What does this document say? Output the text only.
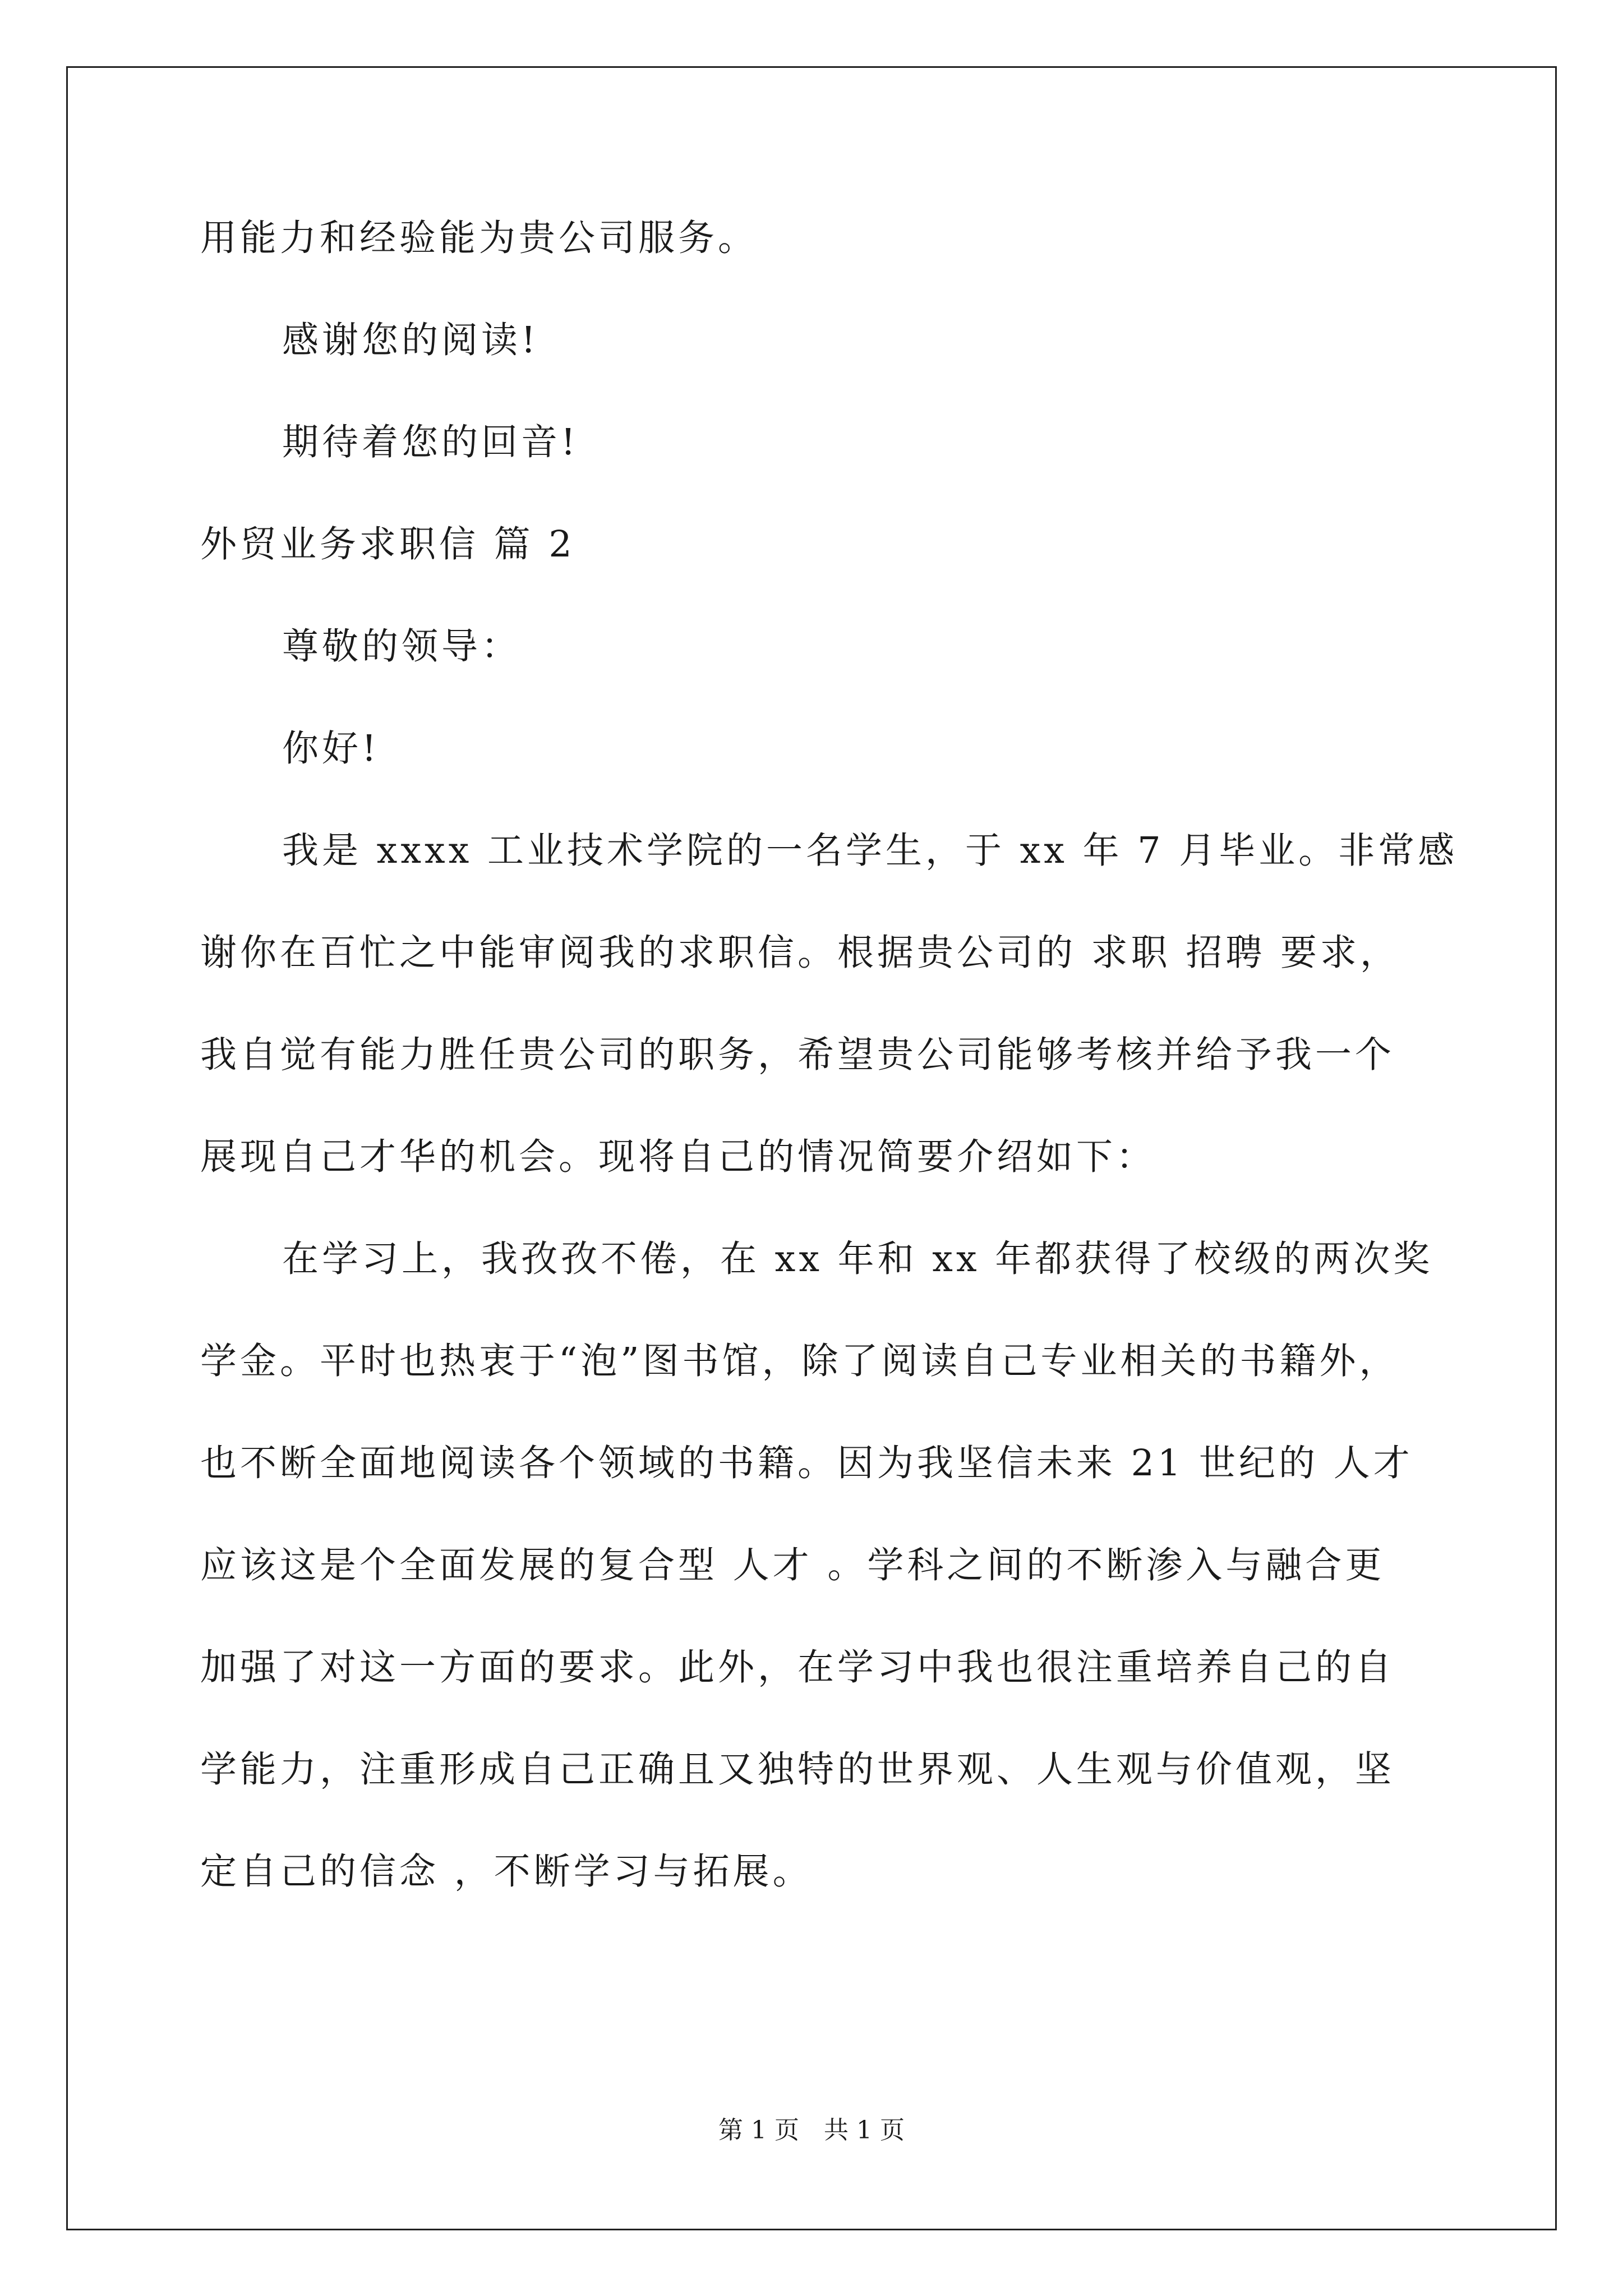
用能力和经验能为贵公司服务。
感谢您的阅读!
期待着您的回音!
外贸业务求职信 篇 2
尊敬的领导：
你好!
我是 xxxx 工业技术学院的一名学生，于 xx 年 7 月毕业。非常感
谢你在百忙之中能审阅我的求职信。根据贵公司的 求职 招聘 要求，
我自觉有能力胜任贵公司的职务，希望贵公司能够考核并给予我一个
展现自己才华的机会。现将自己的情况简要介绍如下：
在学习上，我孜孜不倦，在 xx 年和 xx 年都获得了校级的两次奖
学金。平时也热衷于“泡”图书馆，除了阅读自己专业相关的书籍外，
也不断全面地阅读各个领域的书籍。因为我坚信未来 21 世纪的 人才
应该这是个全面发展的复合型 人才 。学科之间的不断渗入与融合更
加强了对这一方面的要求。此外，在学习中我也很注重培养自己的自
学能力，注重形成自己正确且又独特的世界观、人生观与价值观，坚
定自己的信念 ，不断学习与拓展。
第 1 页　共 1 页
